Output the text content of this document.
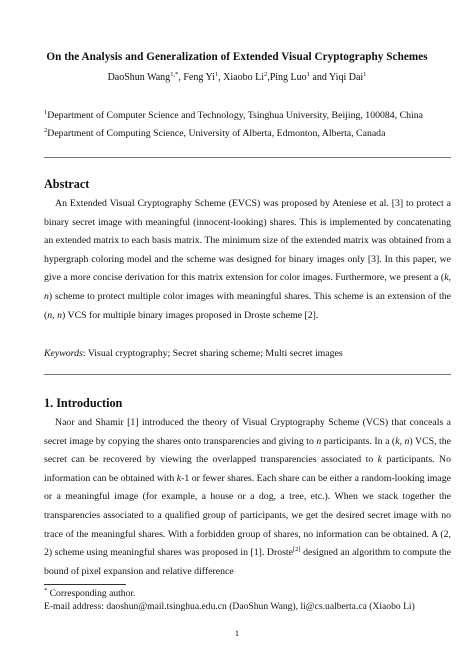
On the Analysis and Generalization of Extended Visual Cryptography Schemes
DaoShun Wang$^{1,*}$, Feng Yi$^1$, Xiaobo Li$^2$,Ping Luo$^1$ and Yiqi Dai$^1$
$^1$Department of Computer Science and Technology, Tsinghua University, Beijing, 100084, China
$^2$Department of Computing Science, University of Alberta, Edmonton, Alberta, Canada
Abstract
An Extended Visual Cryptography Scheme (EVCS) was proposed by Ateniese et al. [3] to protect a binary secret image with meaningful (innocent-looking) shares. This is implemented by concatenating an extended matrix to each basis matrix. The minimum size of the extended matrix was obtained from a hypergraph coloring model and the scheme was designed for binary images only [3]. In this paper, we give a more concise derivation for this matrix extension for color images. Furthermore, we present a (k, n) scheme to protect multiple color images with meaningful shares. This scheme is an extension of the (n, n) VCS for multiple binary images proposed in Droste scheme [2].
Keywords: Visual cryptography; Secret sharing scheme; Multi secret images
1. Introduction
Naor and Shamir [1] introduced the theory of Visual Cryptography Scheme (VCS) that conceals a secret image by copying the shares onto transparencies and giving to n participants. In a (k, n) VCS, the secret can be recovered by viewing the overlapped transparencies associated to k participants. No information can be obtained with k-1 or fewer shares. Each share can be either a random-looking image or a meaningful image (for example, a house or a dog, a tree, etc.). When we stack together the transparencies associated to a qualified group of participants, we get the desired secret image with no trace of the meaningful shares. With a forbidden group of shares, no information can be obtained. A (2, 2) scheme using meaningful shares was proposed in [1]. Droste[2] designed an algorithm to compute the bound of pixel expansion and relative difference
* Corresponding author.
E-mail address: daoshun@mail.tsinghua.edu.cn (DaoShun Wang), li@cs.ualberta.ca (Xiaobo Li)
1
